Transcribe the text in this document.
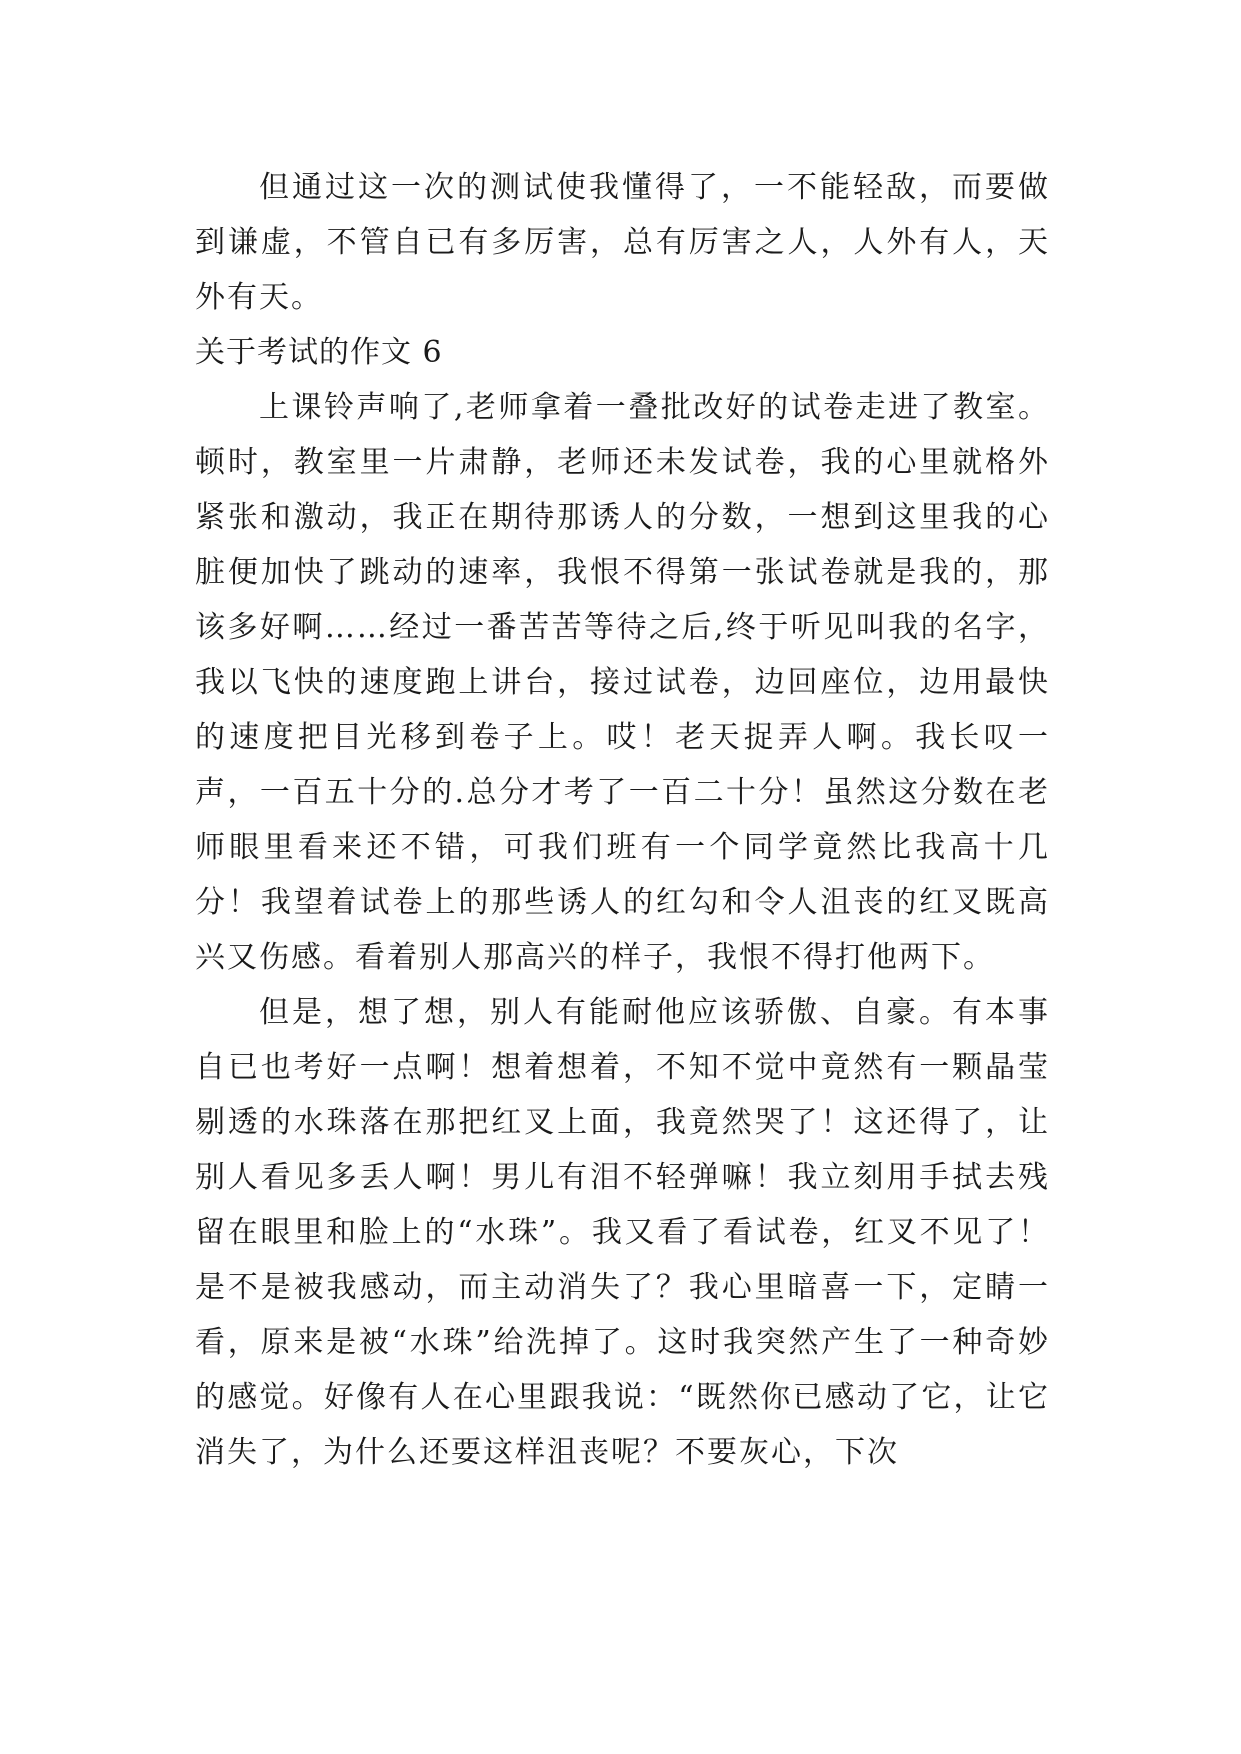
但通过这一次的测试使我懂得了，一不能轻敌，而要做到谦虚，不管自已有多厉害，总有厉害之人，人外有人，天外有天。

关于考试的作文 6

上课铃声响了,老师拿着一叠批改好的试卷走进了教室。顿时，教室里一片肃静，老师还未发试卷，我的心里就格外紧张和激动，我正在期待那诱人的分数，一想到这里我的心脏便加快了跳动的速率，我恨不得第一张试卷就是我的，那该多好啊……经过一番苦苦等待之后,终于听见叫我的名字，我以飞快的速度跑上讲台，接过试卷，边回座位，边用最快的速度把目光移到卷子上。哎！老天捉弄人啊。我长叹一声，一百五十分的.总分才考了一百二十分！虽然这分数在老师眼里看来还不错，可我们班有一个同学竟然比我高十几分！我望着试卷上的那些诱人的红勾和令人沮丧的红叉既高兴又伤感。看着别人那高兴的样子，我恨不得打他两下。

但是，想了想，别人有能耐他应该骄傲、自豪。有本事自已也考好一点啊！想着想着，不知不觉中竟然有一颗晶莹剔透的水珠落在那把红叉上面，我竟然哭了！这还得了，让别人看见多丢人啊！男儿有泪不轻弹嘛！我立刻用手拭去残留在眼里和脸上的“水珠”。我又看了看试卷，红叉不见了！是不是被我感动，而主动消失了？我心里暗喜一下，定睛一看，原来是被“水珠”给洗掉了。这时我突然产生了一种奇妙的感觉。好像有人在心里跟我说：“既然你已感动了它，让它消失了，为什么还要这样沮丧呢？不要灰心，下次
